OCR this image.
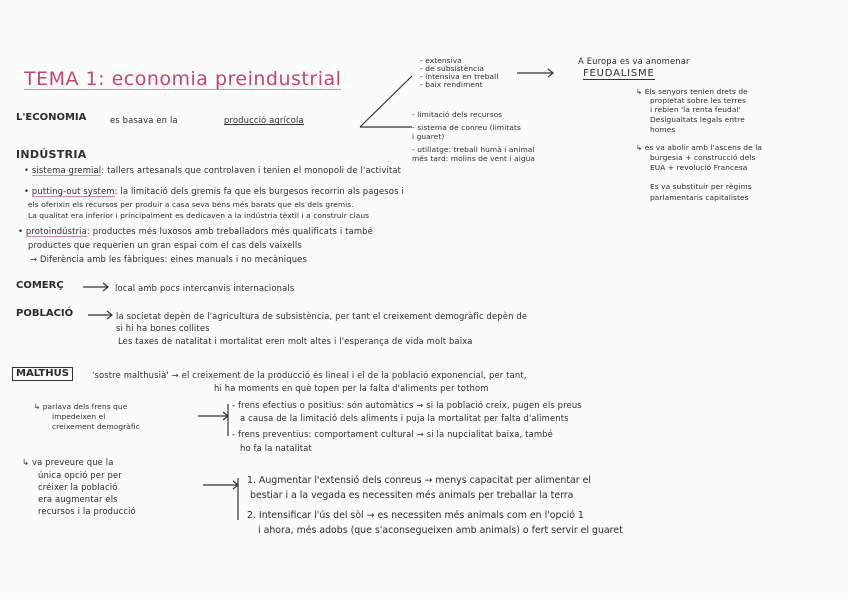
TEMA 1: economia preindustrial
L'ECONOMIA	es basava en la	producció agrícola
- extensiva
- de subsistència
- intensiva en treball
- baix rendiment
- limitació dels recursos
- sistema de conreu (limitats
i guaret)
- utillatge: treball humà i animal
més tard: molins de vent i aigua
A Europa es va anomenar
FEUDALISME
↳ Els senyors tenien drets de
propietat sobre les terres
i rebien 'la renta feudal'
Desigualtats legals entre
homes
↳ es va abolir amb l'ascens de la
burgesia + construcció dels
EUA + revolució Francesa
Es va substituir per règims
parlamentaris capitalistes
INDÚSTRIA
• sistema gremial: tallers artesanals que controlaven i tenien el monopoli de l'activitat
• putting-out system: la limitació dels gremis fa que els burgesos recorrin als pagesos i
els oferixin els recursos per produir a casa seva béns més barats que els dels gremis.
La qualitat era inferior i principalment es dedicaven a la indústria tèxtil i a construir claus
• protoindústria: productes més luxosos amb treballadors més qualificats i també
productes que requerien un gran espai com el cas dels vaixells
→ Diferència amb les fàbriques: eines manuals i no mecàniques
COMERÇ	local amb pocs intercanvis internacionals
POBLACIÓ	la societat depèn de l'agricultura de subsistència, per tant el creixement demogràfic depèn de
si hi ha bones collites
Les taxes de natalitat i mortalitat eren molt altes i l'esperança de vida molt baixa
MALTHUS	'sostre malthusià' → el creixement de la producció és lineal i el de la població exponencial, per tant,
hi ha moments en què topen per la falta d'aliments per tothom
↳ parlava dels frens que
impedeixen el
creixement demogràfic
- frens efectius o positius: són automàtics → si la població creix, pugen els preus
a causa de la limitació dels aliments i puja la mortalitat per falta d'aliments
- frens preventius: comportament cultural → si la nupcialitat baixa, també
ho fa la natalitat
↳ va preveure que la
única opció per per
créixer la població
era augmentar els
recursos i la producció
1. Augmentar l'extensió dels conreus → menys capacitat per alimentar el
bestiar i a la vegada es necessiten més animals per treballar la terra
2. Intensificar l'ús del sòl → es necessiten més animals com en l'opció 1
i ahora, més adobs (que s'aconsegueixen amb animals) o fert servir el guaret
